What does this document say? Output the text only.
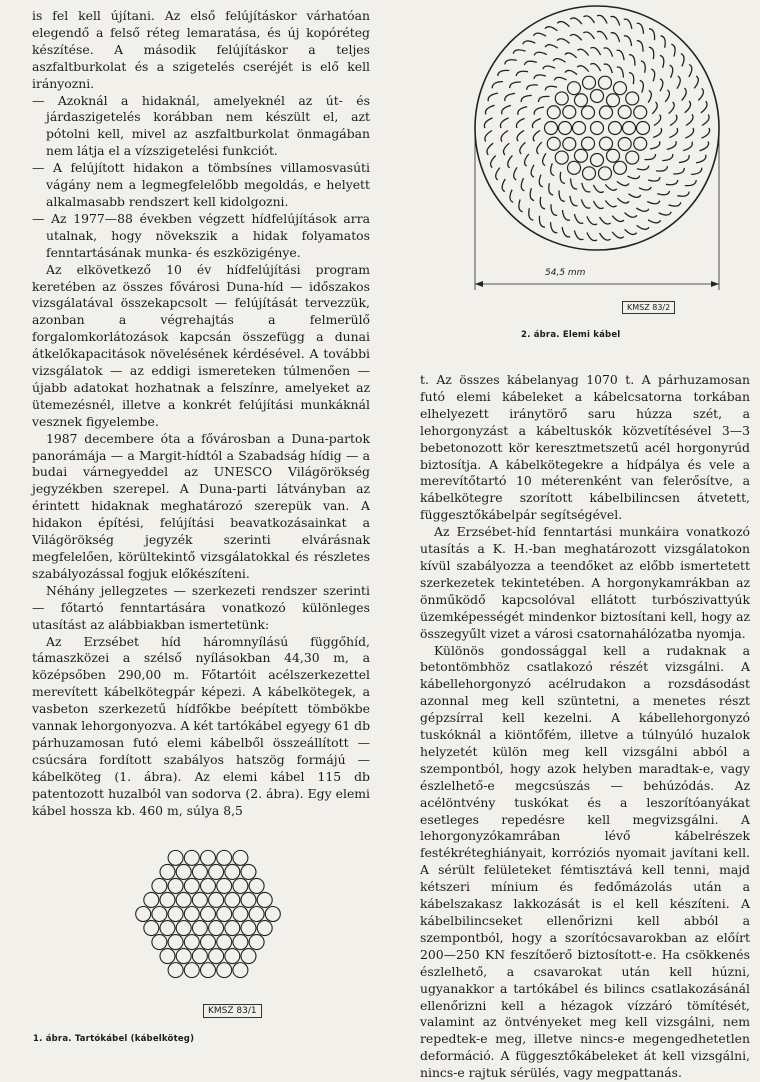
is fel kell újítani. Az első felújításkor várhatóan elegendő a felső réteg lemaratása, és új kopóréteg készítése. A második felújításkor a teljes aszfaltburkolat és a szigetelés cseréjét is elő kell irányozni.

— Azoknál a hidaknál, amelyeknél az út- és járdaszigetelés korábban nem készült el, azt pótolni kell, mivel az aszfaltburkolat önmagában nem látja el a vízszigetelési funkciót.

— A felújított hidakon a tömbsínes villamosvasúti vágány nem a legmegfelelőbb megoldás, e helyett alkalmasabb rendszert kell kidolgozni.

— Az 1977—88 években végzett hídfelújítások arra utalnak, hogy növekszik a hidak folyamatos fenntartásának munka- és eszközigénye.

Az elkövetkező 10 év hídfelújítási program keretében az összes fővárosi Duna-híd — időszakos vizsgálatával összekapcsolt — felújítását tervezzük, azonban a végrehajtás a felmerülő forgalomkorlátozások kapcsán összefügg a dunai átkelőkapacitások növelésének kérdésével. A további vizsgálatok — az eddigi ismereteken túlmenően — újabb adatokat hozhatnak a felszínre, amelyeket az ütemezésnél, illetve a konkrét felújítási munkáknál vesznek figyelembe.

1987 decembere óta a fővárosban a Duna-partok panorámája — a Margit-hídtól a Szabadság hídig — a budai várnegyeddel az UNESCO Világörökség jegyzékben szerepel. A Duna-parti látványban az érintett hidaknak meghatározó szerepük van. A hidakon építési, felújítási beavatkozásainkat a Világörökség jegyzék szerinti elvárásnak megfelelően, körültekintő vizsgálatokkal és részletes szabályozással fogjuk előkészíteni.

Néhány jellegzetes — szerkezeti rendszer szerinti — főtartó fenntartására vonatkozó különleges utasítást az alábbiakban ismertetünk:

Az Erzsébet híd háromnyílású függőhíd, támaszközei a szélső nyílásokban 44,30 m, a középsőben 290,00 m. Főtartóit acélszerkezettel merevített kábelkötegpár képezi. A kábelkötegek, a vasbeton szerkezetű hídfőkbe beépített tömbökbe vannak lehorgonyozva. A két tartókábel egyegy 61 db párhuzamosan futó elemi kábelből összeállított — csúcsára fordított szabályos hatszög formájú — kábelköteg (1. ábra). Az elemi kábel 115 db patentozott huzalból van sodorva (2. ábra). Egy elemi kábel hossza kb. 460 m, súlya 8,5

t. Az összes kábelanyag 1070 t. A párhuzamosan futó elemi kábeleket a kábelcsatorna torkában elhelyezett iránytörő saru húzza szét, a lehorgonyzást a kábeltuskók közvetítésével 3—3 bebetonozott kör keresztmetszetű acél horgonyrúd biztosítja. A kábelkötegekre a hídpálya és vele a merevítőtartó 10 méterenként van felerősítve, a kábelkötegre szorított kábelbilincsen átvetett, függesztőkábelpár segítségével.

Az Erzsébet-híd fenntartási munkáira vonatkozó utasítás a K. H.-ban meghatározott vizsgálatokon kívül szabályozza a teendőket az előbb ismertetett szerkezetek tekintetében. A horgonykamrákban az önműködő kapcsolóval ellátott turbószivattyúk üzemképességét mindenkor biztosítani kell, hogy az összegyűlt vizet a városi csatornahálózatba nyomja.

Különös gondossággal kell a rudaknak a betontömbhöz csatlakozó részét vizsgálni. A kábellehorgonyzó acélrudakon a rozsdásodást azonnal meg kell szüntetni, a menetes részt gépzsírral kell kezelni. A kábellehorgonyzó tuskóknál a kiöntőfém, illetve a túlnyúló huzalok helyzetét külön meg kell vizsgálni abból a szempontból, hogy azok helyben maradtak-e, vagy észlelhető-e megcsúszás — behúzódás. Az acélöntvény tuskókat és a leszorítóanyákat esetleges repedésre kell megvizsgálni. A lehorgonyzókamrában lévő kábelrészek festékréteghiányait, korróziós nyomait javítani kell. A sérült felületeket fémtisztává kell tenni, majd kétszeri mínium és fedőmázolás után a kábelszakasz lakkozását is el kell készíteni. A kábelbilincseket ellenőrizni kell abból a szempontból, hogy a szorítócsavarokban az előírt 200—250 KN feszítőerő biztosított-e. Ha csökkenés észlelhető, a csavarokat után kell húzni, ugyanakkor a tartókábel és bilincs csatlakozásánál ellenőrizni kell a hézagok vízzáró tömítését, valamint az öntvényeket meg kell vizsgálni, nem repedtek-e meg, illetve nincs-e megengedhetetlen deformáció. A függesztőkábeleket át kell vizsgálni, nincs-e rajtuk sérülés, vagy megpattanás.

54,5 mm
KMSZ 83/2
2. ábra. Elemi kábel
KMSZ 83/1
1. ábra. Tartókábel (kábelköteg)
